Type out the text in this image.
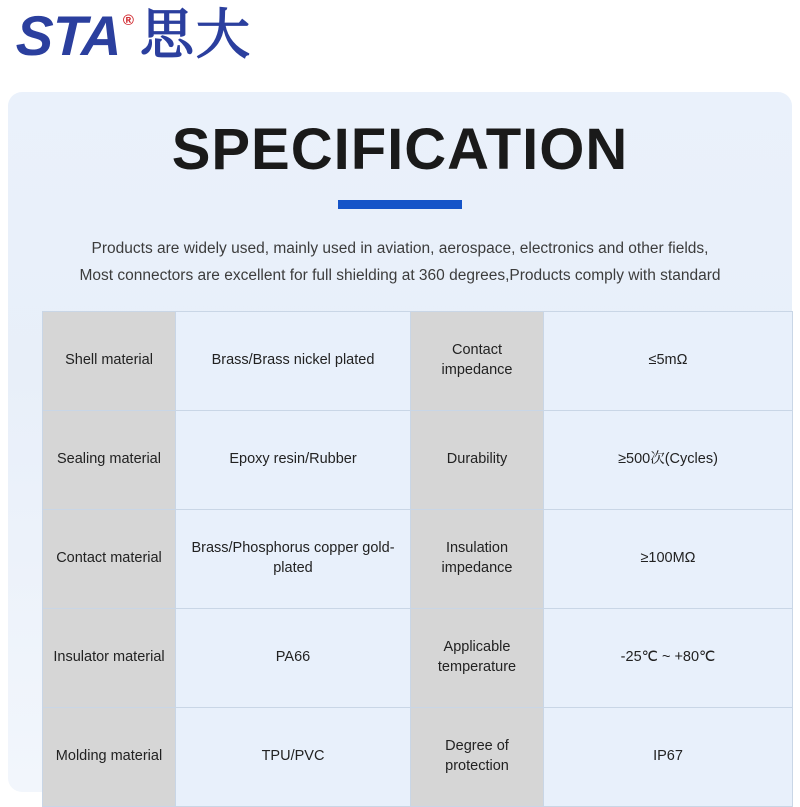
STA ® 思大
SPECIFICATION
Products are widely used, mainly used in aviation, aerospace, electronics and other fields,
Most connectors are excellent for full shielding at 360 degrees,Products comply with standard
Shell material	Brass/Brass nickel plated	Contact impedance	≤5mΩ
Sealing material	Epoxy resin/Rubber	Durability	≥500次(Cycles)
Contact material	Brass/Phosphorus copper gold-plated	Insulation impedance	≥100MΩ
Insulator material	PA66	Applicable temperature	-25℃ ~ +80℃
Molding material	TPU/PVC	Degree of protection	IP67
